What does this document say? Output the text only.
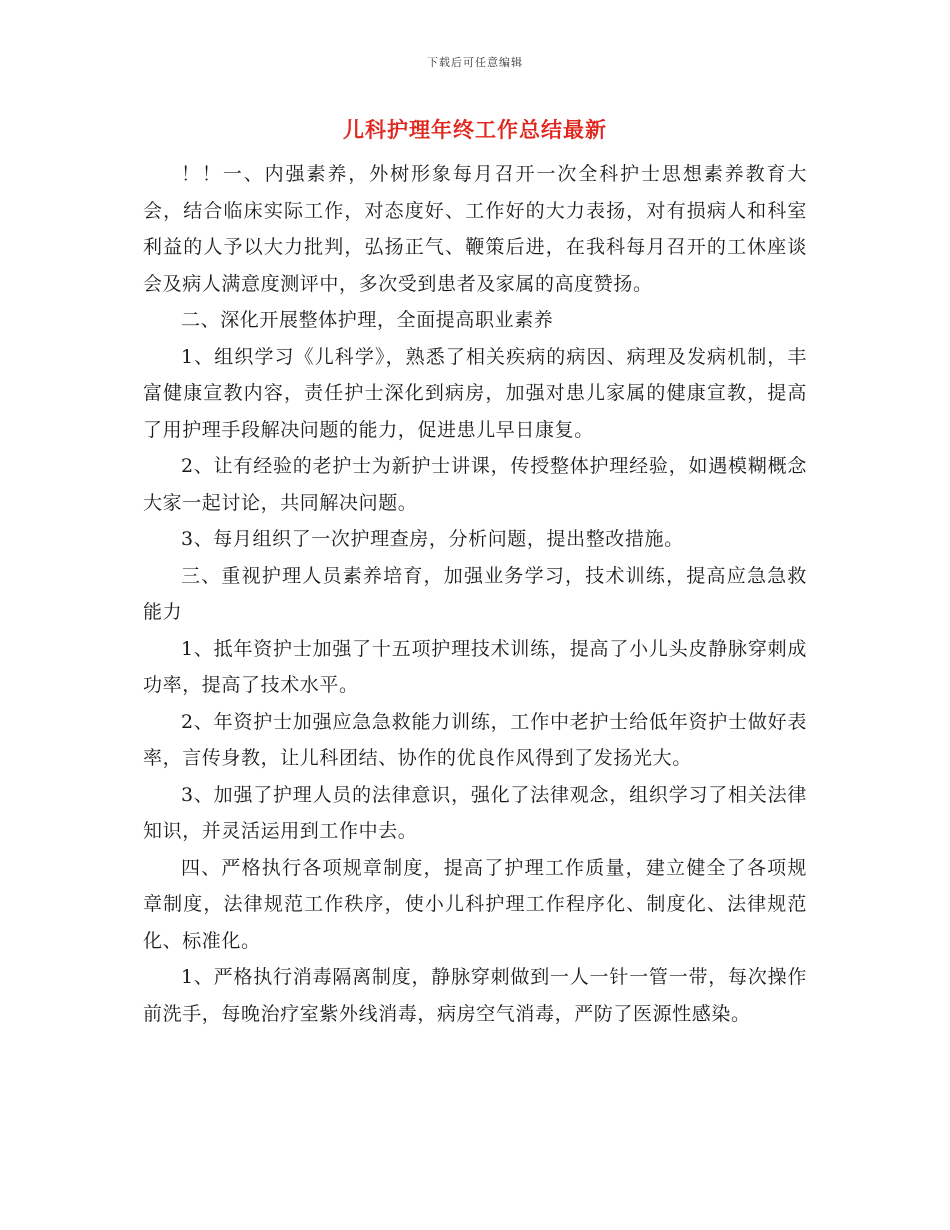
下载后可任意编辑
儿科护理年终工作总结最新

！！一、内强素养，外树形象每月召开一次全科护士思想素养教育大会，结合临床实际工作，对态度好、工作好的大力表扬，对有损病人和科室利益的人予以大力批判，弘扬正气、鞭策后进，在我科每月召开的工休座谈会及病人满意度测评中，多次受到患者及家属的高度赞扬。

二、深化开展整体护理，全面提高职业素养

1、组织学习《儿科学》，熟悉了相关疾病的病因、病理及发病机制，丰富健康宣教内容，责任护士深化到病房，加强对患儿家属的健康宣教，提高了用护理手段解决问题的能力，促进患儿早日康复。

2、让有经验的老护士为新护士讲课，传授整体护理经验，如遇模糊概念大家一起讨论，共同解决问题。

3、每月组织了一次护理查房，分析问题，提出整改措施。

三、重视护理人员素养培育，加强业务学习，技术训练，提高应急急救能力

1、抵年资护士加强了十五项护理技术训练，提高了小儿头皮静脉穿刺成功率，提高了技术水平。

2、年资护士加强应急急救能力训练，工作中老护士给低年资护士做好表率，言传身教，让儿科团结、协作的优良作风得到了发扬光大。

3、加强了护理人员的法律意识，强化了法律观念，组织学习了相关法律知识，并灵活运用到工作中去。

四、严格执行各项规章制度，提高了护理工作质量，建立健全了各项规章制度，法律规范工作秩序，使小儿科护理工作程序化、制度化、法律规范化、标准化。

1、严格执行消毒隔离制度，静脉穿刺做到一人一针一管一带，每次操作前洗手，每晚治疗室紫外线消毒，病房空气消毒，严防了医源性感染。
